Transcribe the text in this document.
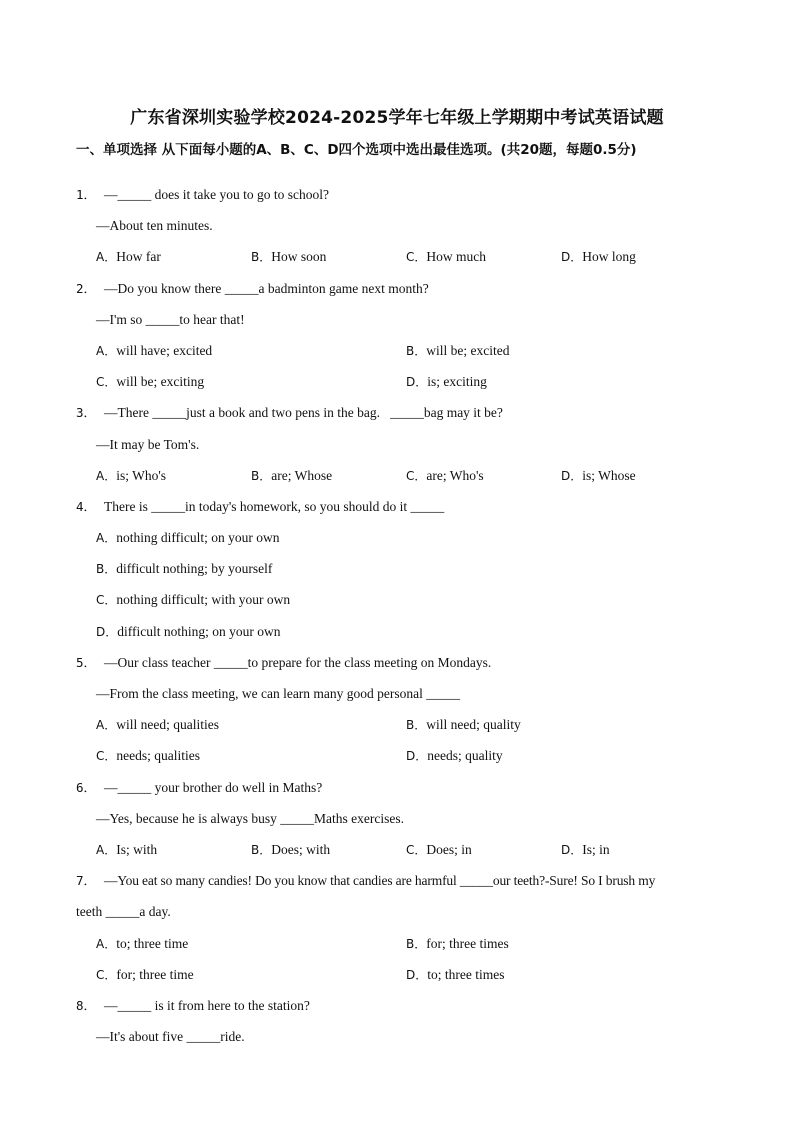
广东省深圳实验学校2024-2025学年七年级上学期期中考试英语试题
一、单项选择 从下面每小题的A、B、C、D四个选项中选出最佳选项。(共20题，每题0.5分)
1． —_____ does it take you to go to school?
—About ten minutes.
A．How far	B．How soon	C．How much	D．How long
2． —Do you know there _____a badminton game next month?
—I'm so _____to hear that!
A．will have; excited	B．will be; excited
C．will be; exciting	D．is; exciting
3． —There _____just a book and two pens in the bag.   _____bag may it be?
—It may be Tom's.
A．is; Who's	B．are; Whose	C．are; Who's	D．is; Whose
4． There is _____in today's homework, so you should do it _____
A．nothing difficult; on your own
B．difficult nothing; by yourself
C．nothing difficult; with your own
D．difficult nothing; on your own
5． —Our class teacher _____to prepare for the class meeting on Mondays.
—From the class meeting, we can learn many good personal _____
A．will need; qualities	B．will need; quality
C．needs; qualities	D．needs; quality
6． —_____ your brother do well in Maths?
—Yes, because he is always busy _____Maths exercises.
A．Is; with	B．Does; with	C．Does; in	D．Is; in
7． —You eat so many candies! Do you know that candies are harmful _____our teeth?-Sure! So I brush my
teeth _____a day.
A．to; three time	B．for; three times
C．for; three time	D．to; three times
8． —_____ is it from here to the station?
—It's about five _____ride.
